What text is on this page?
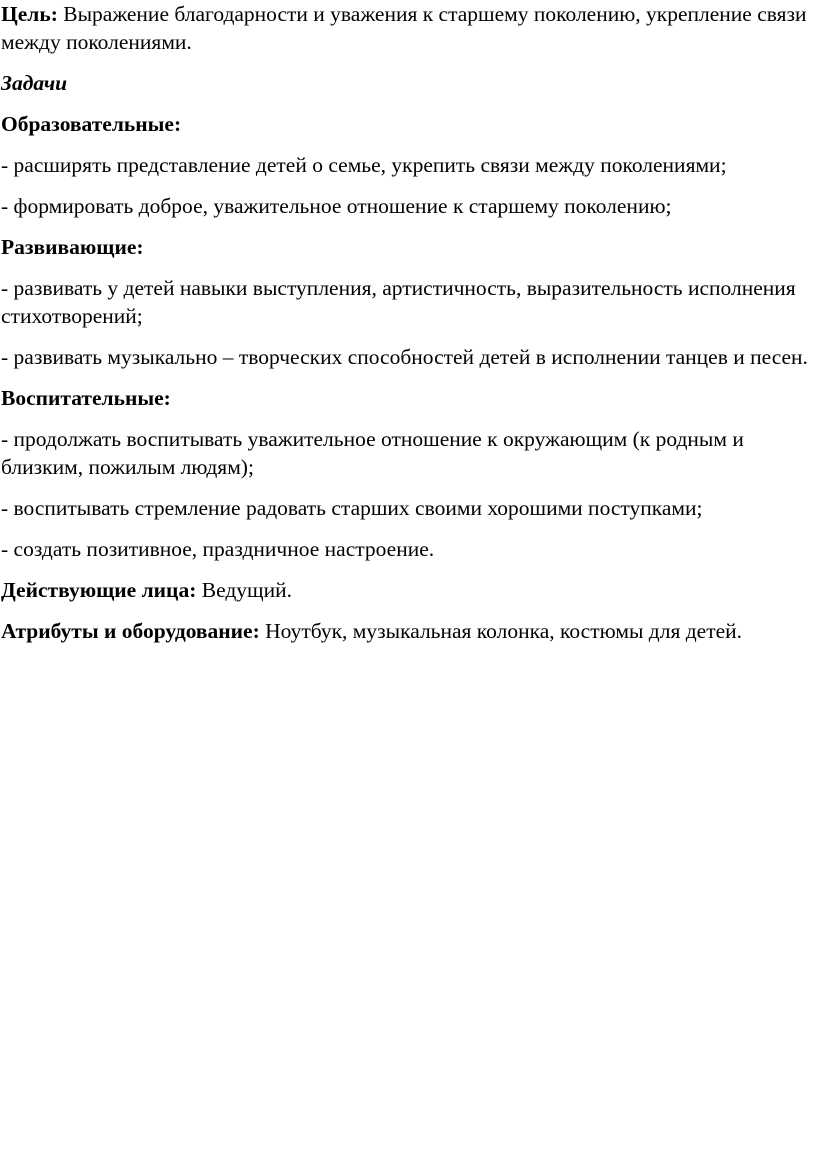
Цель: Выражение благодарности и уважения к старшему поколению, укрепление связи между поколениями.

Задачи

Образовательные:

- расширять представление детей о семье, укрепить связи между поколениями;

- формировать доброе, уважительное отношение к старшему поколению;

Развивающие:

- развивать у детей навыки выступления, артистичность, выразительность исполнения стихотворений;

- развивать музыкально – творческих способностей детей в исполнении танцев и песен.

Воспитательные:

- продолжать воспитывать уважительное отношение к окружающим (к родным и близким, пожилым людям);

- воспитывать стремление радовать старших своими хорошими поступками;

- создать позитивное, праздничное настроение.

Действующие лица: Ведущий.

Атрибуты и оборудование: Ноутбук, музыкальная колонка, костюмы для детей.
